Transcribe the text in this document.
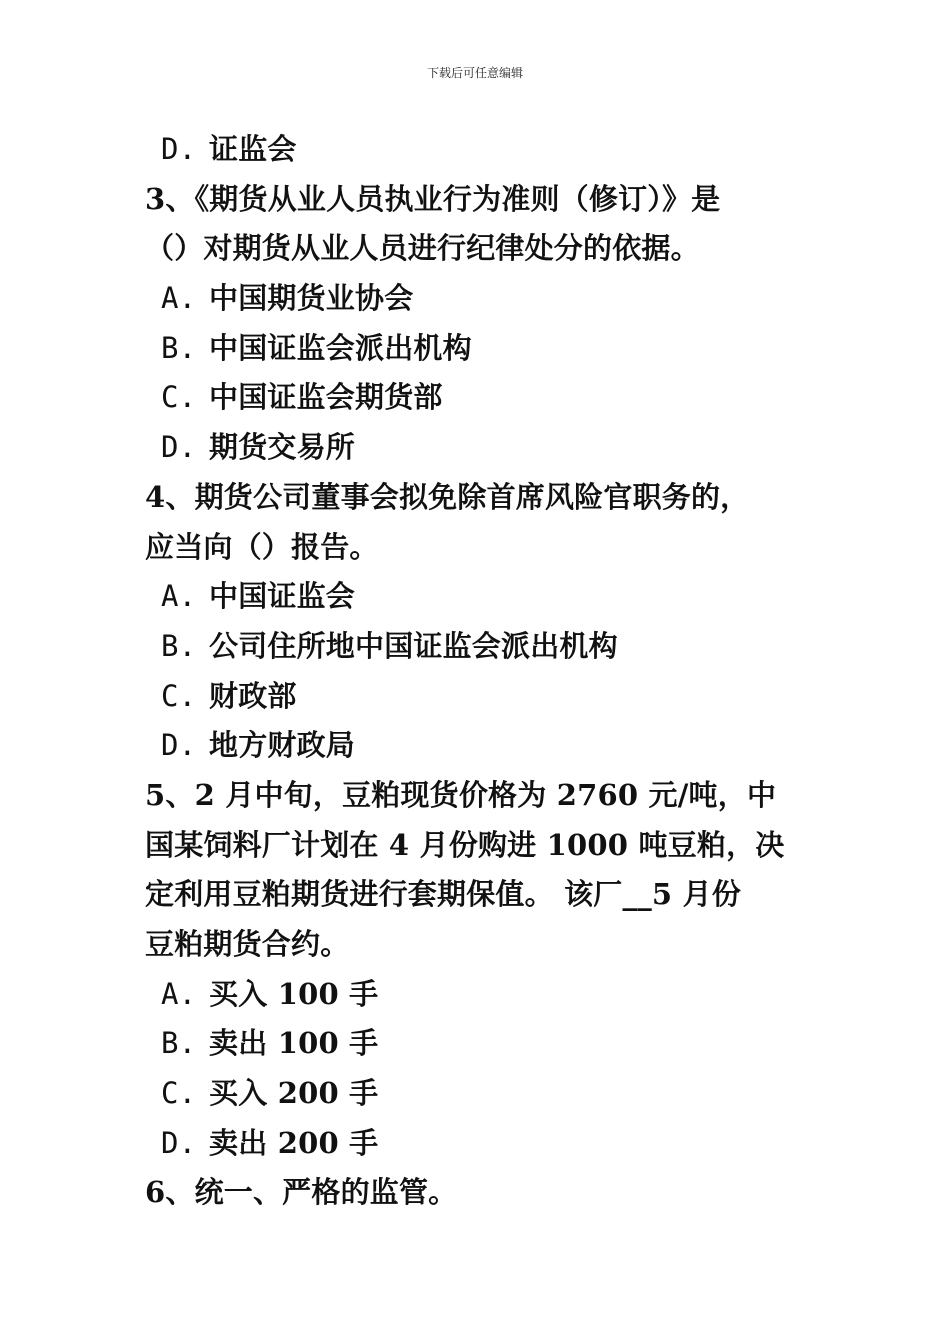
下载后可任意编辑
D. 证监会
3、《期货从业人员执业行为准则（修订）》是
（）对期货从业人员进行纪律处分的依据。
A. 中国期货业协会
B. 中国证监会派出机构
C. 中国证监会期货部
D. 期货交易所
4、期货公司董事会拟免除首席风险官职务的，
应当向（）报告。
A. 中国证监会
B. 公司住所地中国证监会派出机构
C. 财政部
D. 地方财政局
5、2 月中旬，豆粕现货价格为 2760 元/吨，中
国某饲料厂计划在 4 月份购进 1000 吨豆粕，决
定利用豆粕期货进行套期保值。 该厂__5 月份
豆粕期货合约。
A. 买入 100 手
B. 卖出 100 手
C. 买入 200 手
D. 卖出 200 手
6、统一、严格的监管。
